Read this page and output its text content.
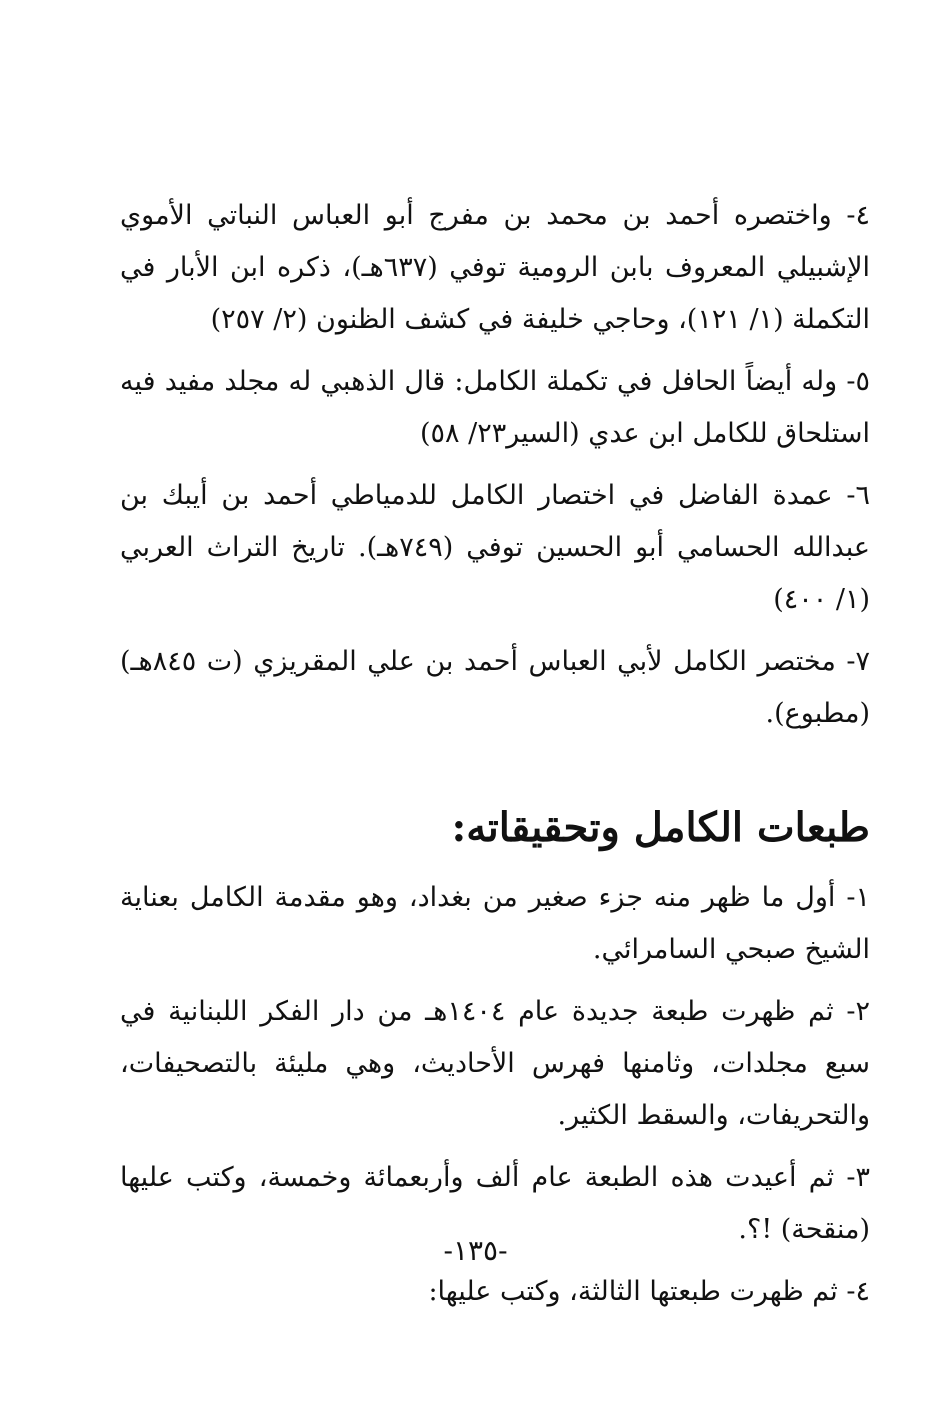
٤- واختصره أحمد بن محمد بن مفرج أبو العباس النباتي الأموي الإشبيلي المعروف بابن الرومية توفي (٦٣٧هـ)، ذكره ابن الأبار في التكملة (١/ ١٢١)، وحاجي خليفة في كشف الظنون (٢/ ٢٥٧)

٥- وله أيضاً الحافل في تكملة الكامل: قال الذهبي له مجلد مفيد فيه استلحاق للكامل ابن عدي (السير٢٣/ ٥٨)

٦- عمدة الفاضل في اختصار الكامل للدمياطي أحمد بن أيبك بن عبدالله الحسامي أبو الحسين توفي (٧٤٩هـ). تاريخ التراث العربي (١/ ٤٠٠)

٧- مختصر الكامل لأبي العباس أحمد بن علي المقريزي (ت ٨٤٥هـ) (مطبوع).

طبعات الكامل وتحقيقاته:

١- أول ما ظهر منه جزء صغير من بغداد، وهو مقدمة الكامل بعناية الشيخ صبحي السامرائي.

٢- ثم ظهرت طبعة جديدة عام ١٤٠٤هـ من دار الفكر اللبنانية في سبع مجلدات، وثامنها فهرس الأحاديث، وهي مليئة بالتصحيفات، والتحريفات، والسقط الكثير.

٣- ثم أعيدت هذه الطبعة عام ألف وأربعمائة وخمسة، وكتب عليها (منقحة) !؟.

٤- ثم ظهرت طبعتها الثالثة، وكتب عليها:

-١٣٥-
